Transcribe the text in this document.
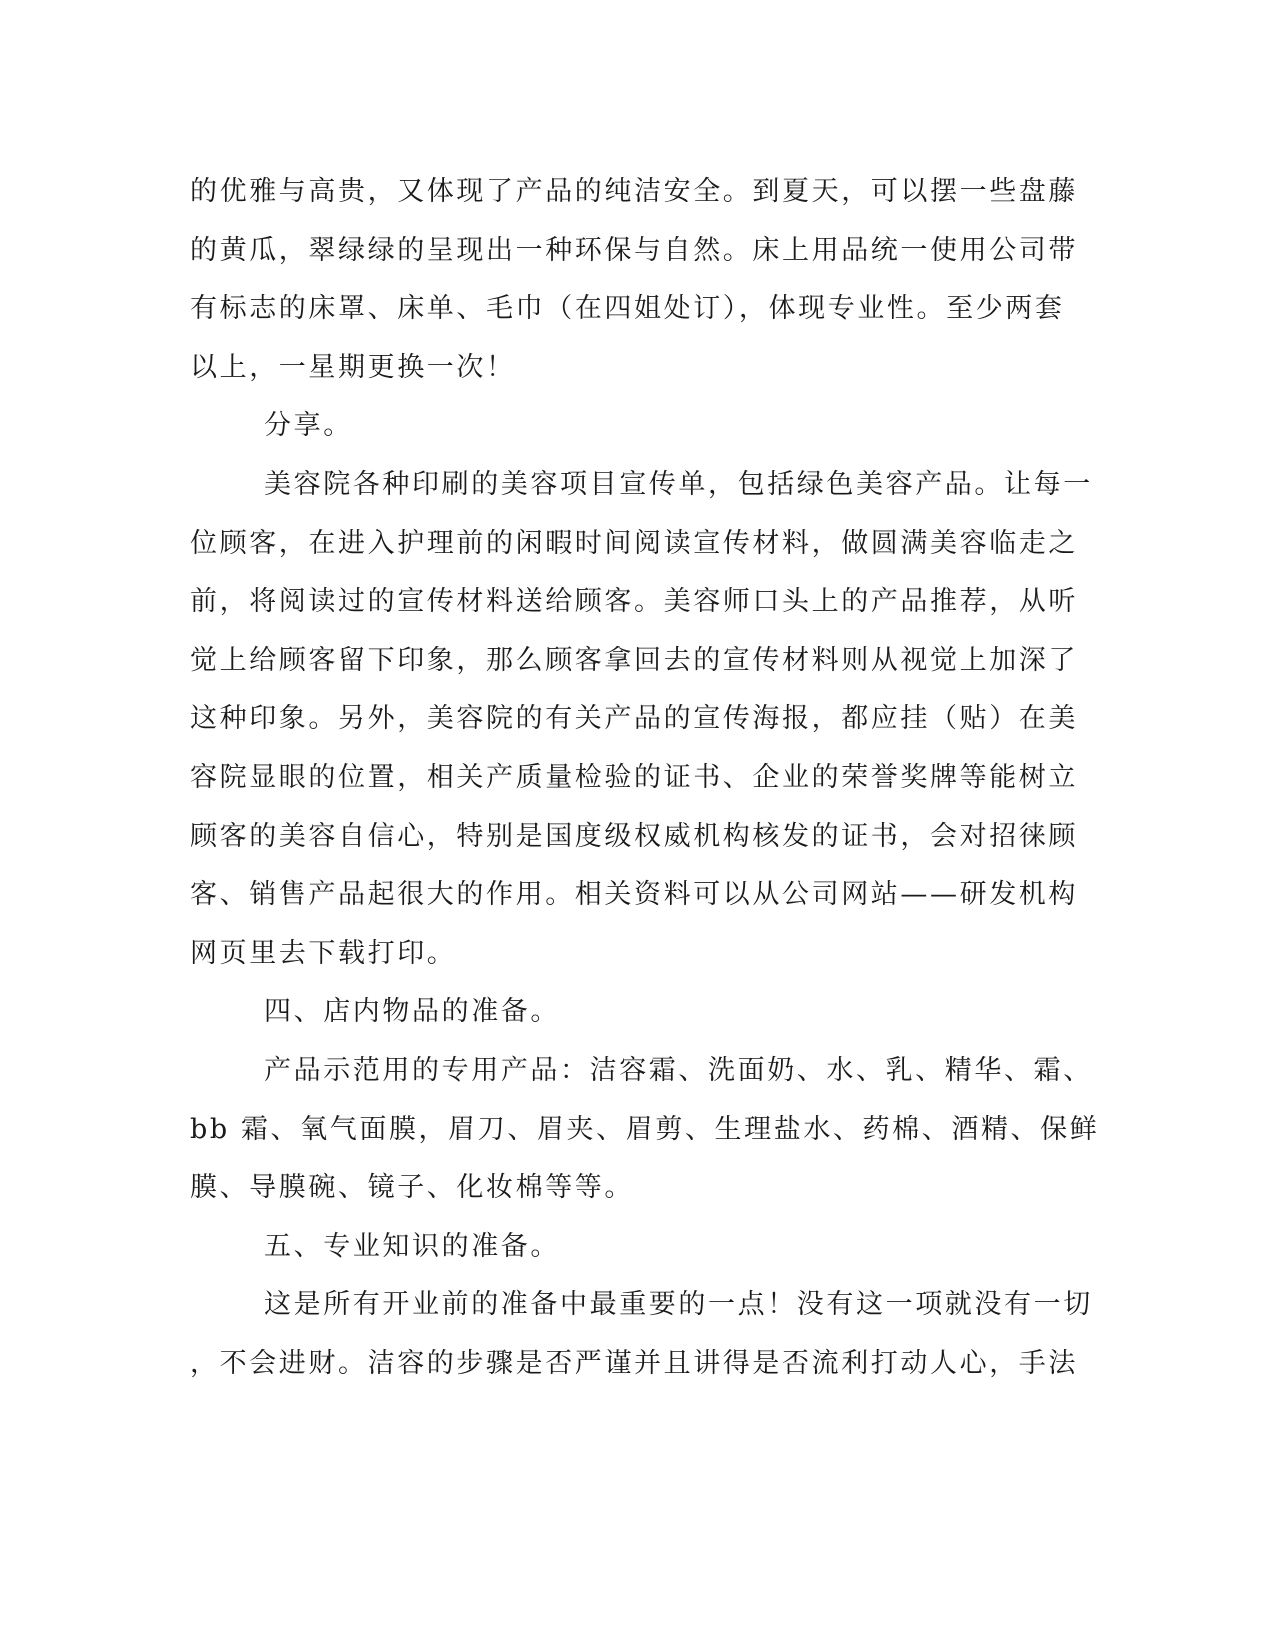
的优雅与高贵，又体现了产品的纯洁安全。到夏天，可以摆一些盘藤
的黄瓜，翠绿绿的呈现出一种环保与自然。床上用品统一使用公司带
有标志的床罩、床单、毛巾（在四姐处订），体现专业性。至少两套
以上，一星期更换一次！
分享。
美容院各种印刷的美容项目宣传单，包括绿色美容产品。让每一
位顾客，在进入护理前的闲暇时间阅读宣传材料，做圆满美容临走之
前，将阅读过的宣传材料送给顾客。美容师口头上的产品推荐，从听
觉上给顾客留下印象，那么顾客拿回去的宣传材料则从视觉上加深了
这种印象。另外，美容院的有关产品的宣传海报，都应挂（贴）在美
容院显眼的位置，相关产质量检验的证书、企业的荣誉奖牌等能树立
顾客的美容自信心，特别是国度级权威机构核发的证书，会对招徕顾
客、销售产品起很大的作用。相关资料可以从公司网站——研发机构
网页里去下载打印。
四、店内物品的准备。
产品示范用的专用产品：洁容霜、洗面奶、水、乳、精华、霜、
bb 霜、氧气面膜，眉刀、眉夹、眉剪、生理盐水、药棉、酒精、保鲜
膜、导膜碗、镜子、化妆棉等等。
五、专业知识的准备。
这是所有开业前的准备中最重要的一点！没有这一项就没有一切
，不会进财。洁容的步骤是否严谨并且讲得是否流利打动人心，手法
